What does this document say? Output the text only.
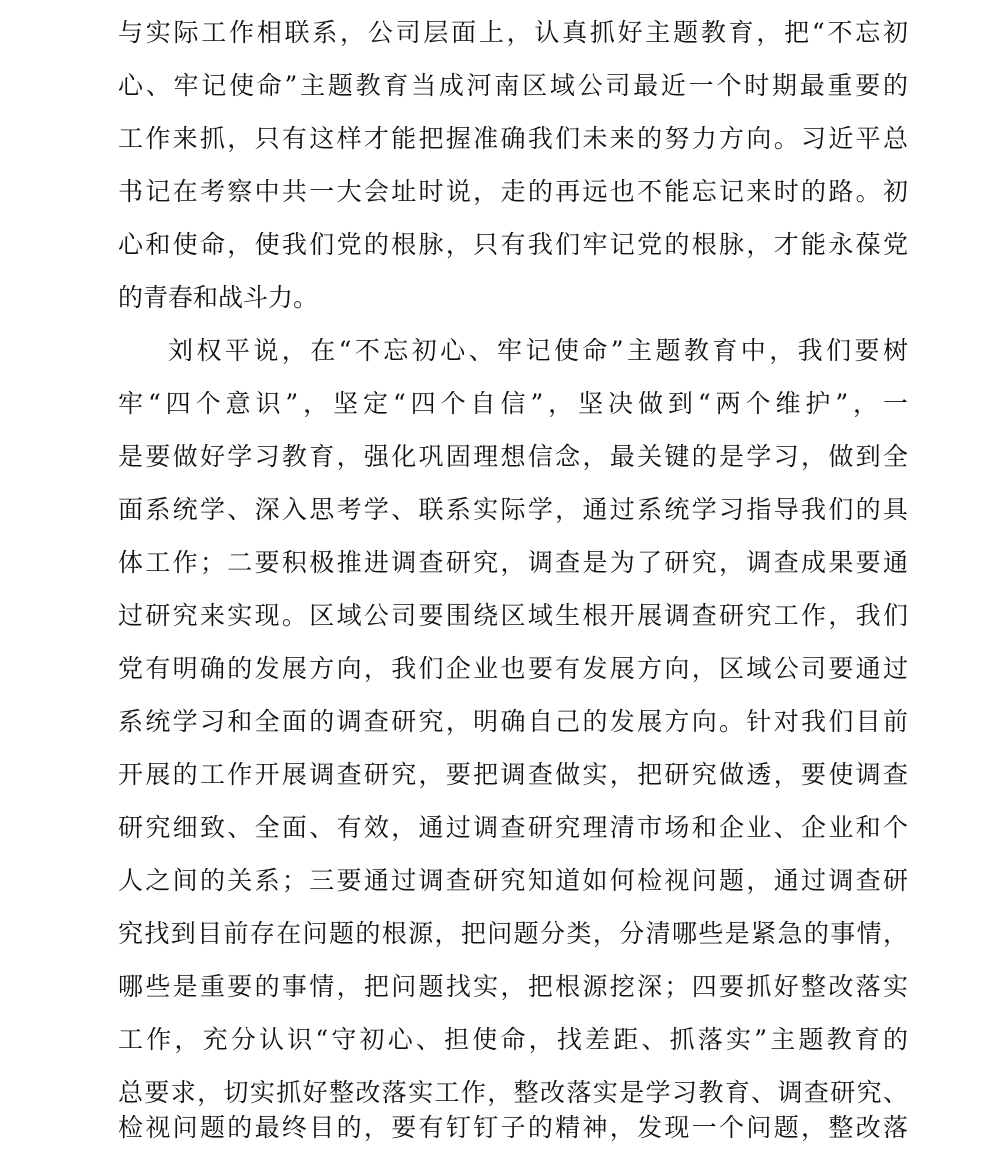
与实际工作相联系，公司层面上，认真抓好主题教育，把“不忘初
心、牢记使命”主题教育当成河南区域公司最近一个时期最重要的
工作来抓，只有这样才能把握准确我们未来的努力方向。习近平总
书记在考察中共一大会址时说，走的再远也不能忘记来时的路。初
心和使命，使我们党的根脉，只有我们牢记党的根脉，才能永葆党
的青春和战斗力。
刘权平说，在“不忘初心、牢记使命”主题教育中，我们要树
牢“四个意识”，坚定“四个自信”，坚决做到“两个维护”，一
是要做好学习教育，强化巩固理想信念，最关键的是学习，做到全
面系统学、深入思考学、联系实际学，通过系统学习指导我们的具
体工作；二要积极推进调查研究，调查是为了研究，调查成果要通
过研究来实现。区域公司要围绕区域生根开展调查研究工作，我们
党有明确的发展方向，我们企业也要有发展方向，区域公司要通过
系统学习和全面的调查研究，明确自己的发展方向。针对我们目前
开展的工作开展调查研究，要把调查做实，把研究做透，要使调查
研究细致、全面、有效，通过调查研究理清市场和企业、企业和个
人之间的关系；三要通过调查研究知道如何检视问题，通过调查研
究找到目前存在问题的根源，把问题分类，分清哪些是紧急的事情，
哪些是重要的事情，把问题找实，把根源挖深；四要抓好整改落实
工作，充分认识“守初心、担使命，找差距、抓落实”主题教育的
总要求，切实抓好整改落实工作，整改落实是学习教育、调查研究、
检视问题的最终目的，要有钉钉子的精神，发现一个问题，整改落
